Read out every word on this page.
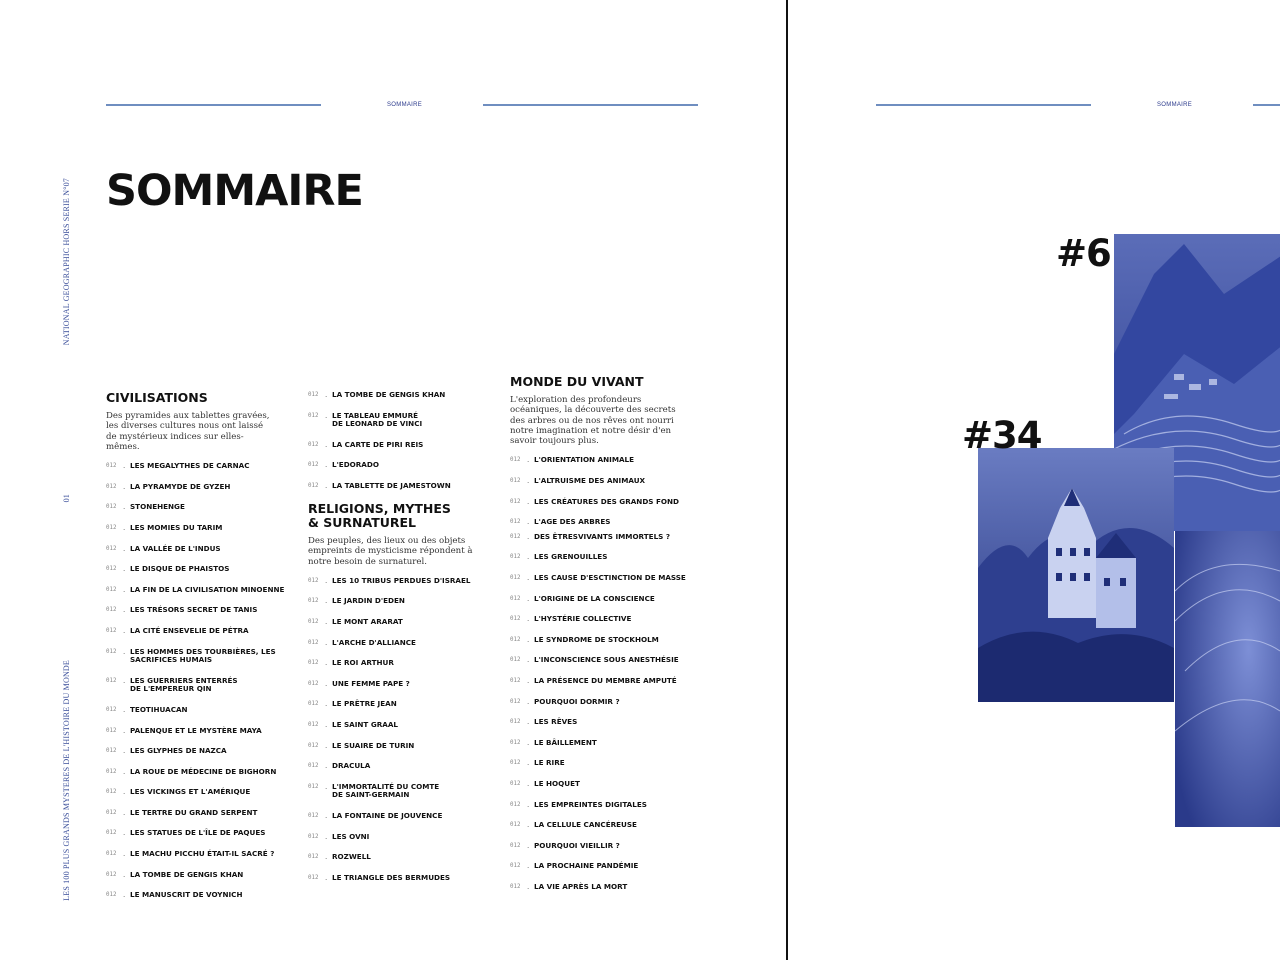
SOMMAIRE
LES 100 PLUS GRANDS MYSTERES DE L'HISTOIRE DU MONDE
01
NATIONAL GEOGRAPHIC HORS SERIE N°07 SOMMAIRE
CIVILISATIONS
Des pyramides aux tablettes gravées, les diverses cultures nous ont laissé de mystérieux indices sur elles-mêmes.
012 . LES MEGALYTHES DE CARNAC
012 . LA PYRAMYDE DE GYZEH
012 . STONEHENGE
012 . LES MOMIES DU TARIM
012 . LA VALLÉE DE L'INDUS
012 . LE DISQUE DE PHAISTOS
012 . LA FIN DE LA CIVILISATION MINOENNE
012 . LES TRÉSORS SECRET DE TANIS
012 . LA CITÉ ENSEVELIE DE PÉTRA
012 . LES HOMMES DES TOURBIÈRES, LES
SACRIFICES HUMAIS
012 . LES GUERRIERS ENTERRÉS
DE L'EMPEREUR QIN
012 . TEOTIHUACAN
012 . PALENQUE ET LE MYSTÈRE MAYA
012 . LES GLYPHES DE NAZCA
012 . LA ROUE DE MÉDECINE DE BIGHORN
012 . LES VICKINGS ET L'AMÉRIQUE
012 . LE TERTRE DU GRAND SERPENT
012 . LES STATUES DE L'ÎLE DE PAQUES
012 . LE MACHU PICCHU ÉTAIT-IL SACRÉ ?
012 . LA TOMBE DE GENGIS KHAN
012 . LE MANUSCRIT DE VOYNICH
012 . LA TOMBE DE GENGIS KHAN
012 . LE TABLEAU EMMURÉ
DE LEONARD DE VINCI
012 . LA CARTE DE PIRI REIS
012 . L'EDORADO
012 . LA TABLETTE DE JAMESTOWN
RELIGIONS, MYTHES
& SURNATUREL
Des peuples, des lieux ou des objets empreints de mysticisme répondent à notre besoin de surnaturel.
012 . LES 10 TRIBUS PERDUES D'ISRAEL
012 . LE JARDIN D'EDEN
012 . LE MONT ARARAT
012 . L'ARCHE D'ALLIANCE
012 . LE ROI ARTHUR
012 . UNE FEMME PAPE ?
012 . LE PRÊTRE JEAN
012 . LE SAINT GRAAL
012 . LE SUAIRE DE TURIN
012 . DRACULA
012 . L'IMMORTALITÉ DU COMTE
DE SAINT-GERMAIN
012 . LA FONTAINE DE JOUVENCE
012 . LES OVNI
012 . ROZWELL
012 . LE TRIANGLE DES BERMUDES
MONDE DU VIVANT
L'exploration des profondeurs océaniques, la découverte des secrets des arbres ou de nos rêves ont nourri notre imagination et notre désir d'en savoir toujours plus.
012 . L'ORIENTATION ANIMALE
012 . L'ALTRUISME DES ANIMAUX
012 . LES CRÉATURES DES GRANDS FOND
012 . L'AGE DES ARBRES
012 . DES ÊTRESVIVANTS IMMORTELS ?
012 . LES GRENOUILLES
012 . LES CAUSE D'ESCTINCTION DE MASSE
012 . L'ORIGINE DE LA CONSCIENCE
012 . L'HYSTÉRIE COLLECTIVE
012 . LE SYNDROME DE STOCKHOLM
012 . L'INCONSCIENCE SOUS ANESTHÉSIE
012 . LA PRÉSENCE DU MEMBRE AMPUTÉ
012 . POURQUOI DORMIR ?
012 . LES RÊVES
012 . LE BÂILLEMENT
012 . LE RIRE
012 . LE HOQUET
012 . LES EMPREINTES DIGITALES
012 . LA CELLULE CANCÉREUSE
012 . POURQUOI VIEILLIR ?
012 . LA PROCHAINE PANDÉMIE
012 . LA VIE APRÈS LA MORT
SOMMAIRE
#6
#34
